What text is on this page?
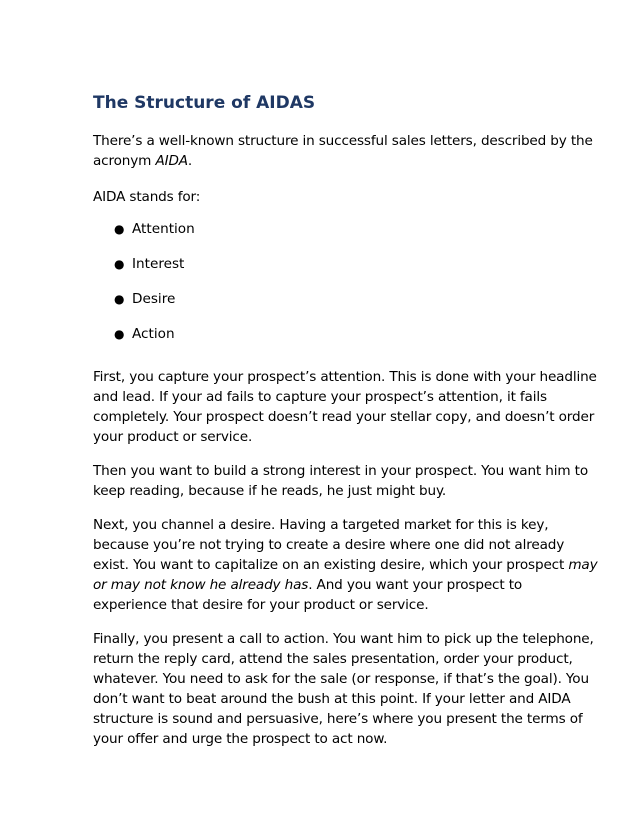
The Structure of AIDAS

There’s a well-known structure in successful sales letters, described by the acronym AIDA.

AIDA stands for:

● Attention
● Interest
● Desire
● Action

First, you capture your prospect’s attention. This is done with your headline and lead. If your ad fails to capture your prospect’s attention, it fails completely. Your prospect doesn’t read your stellar copy, and doesn’t order your product or service.

Then you want to build a strong interest in your prospect. You want him to keep reading, because if he reads, he just might buy.

Next, you channel a desire. Having a targeted market for this is key, because you’re not trying to create a desire where one did not already exist. You want to capitalize on an existing desire, which your prospect may or may not know he already has. And you want your prospect to experience that desire for your product or service.

Finally, you present a call to action. You want him to pick up the telephone, return the reply card, attend the sales presentation, order your product, whatever. You need to ask for the sale (or response, if that’s the goal). You don’t want to beat around the bush at this point. If your letter and AIDA structure is sound and persuasive, here’s where you present the terms of your offer and urge the prospect to act now.
